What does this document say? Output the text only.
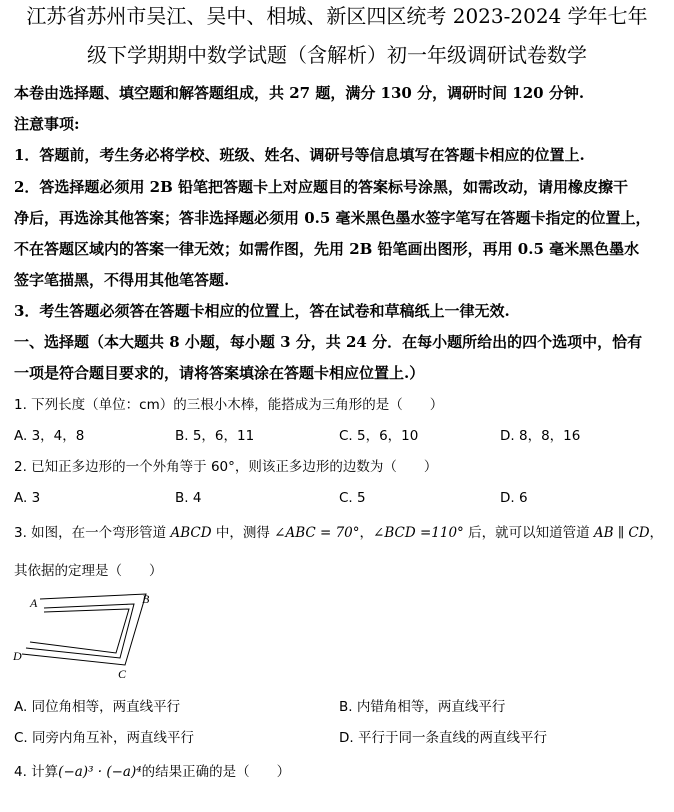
江苏省苏州市吴江、吴中、相城、新区四区统考 2023-2024 学年七年
级下学期期中数学试题（含解析）初一年级调研试卷数学
本卷由选择题、填空题和解答题组成，共 27 题，满分 130 分，调研时间 120 分钟.
注意事项:
1．答题前，考生务必将学校、班级、姓名、调研号等信息填写在答题卡相应的位置上.
2．答选择题必须用 2B 铅笔把答题卡上对应题目的答案标号涂黑，如需改动，请用橡皮擦干
净后，再选涂其他答案；答非选择题必须用 0.5 毫米黑色墨水签字笔写在答题卡指定的位置上，
不在答题区域内的答案一律无效；如需作图，先用 2B 铅笔画出图形，再用 0.5 毫米黑色墨水
签字笔描黑，不得用其他笔答题.
3．考生答题必须答在答题卡相应的位置上，答在试卷和草稿纸上一律无效.
一、选择题（本大题共 8 小题，每小题 3 分，共 24 分．在每小题所给出的四个选项中，恰有
一项是符合题目要求的，请将答案填涂在答题卡相应位置上.）
1. 下列长度（单位：cm）的三根小木棒，能搭成为三角形的是（　　）
A. 3，4，8	B. 5，6，11	C. 5，6，10	D. 8，8，16
2. 已知正多边形的一个外角等于 60°，则该正多边形的边数为（　　）
A. 3	B. 4	C. 5	D. 6
3. 如图，在一个弯形管道 ABCD 中，测得 ∠ABC = 70°，∠BCD =110° 后，就可以知道管道 AB ∥ CD，
其依据的定理是（　　）
A	B
C
D
A. 同位角相等，两直线平行	B. 内错角相等，两直线平行
C. 同旁内角互补，两直线平行	D. 平行于同一条直线的两直线平行
4. 计算(−a)³ · (−a)⁴的结果正确的是（　　）
